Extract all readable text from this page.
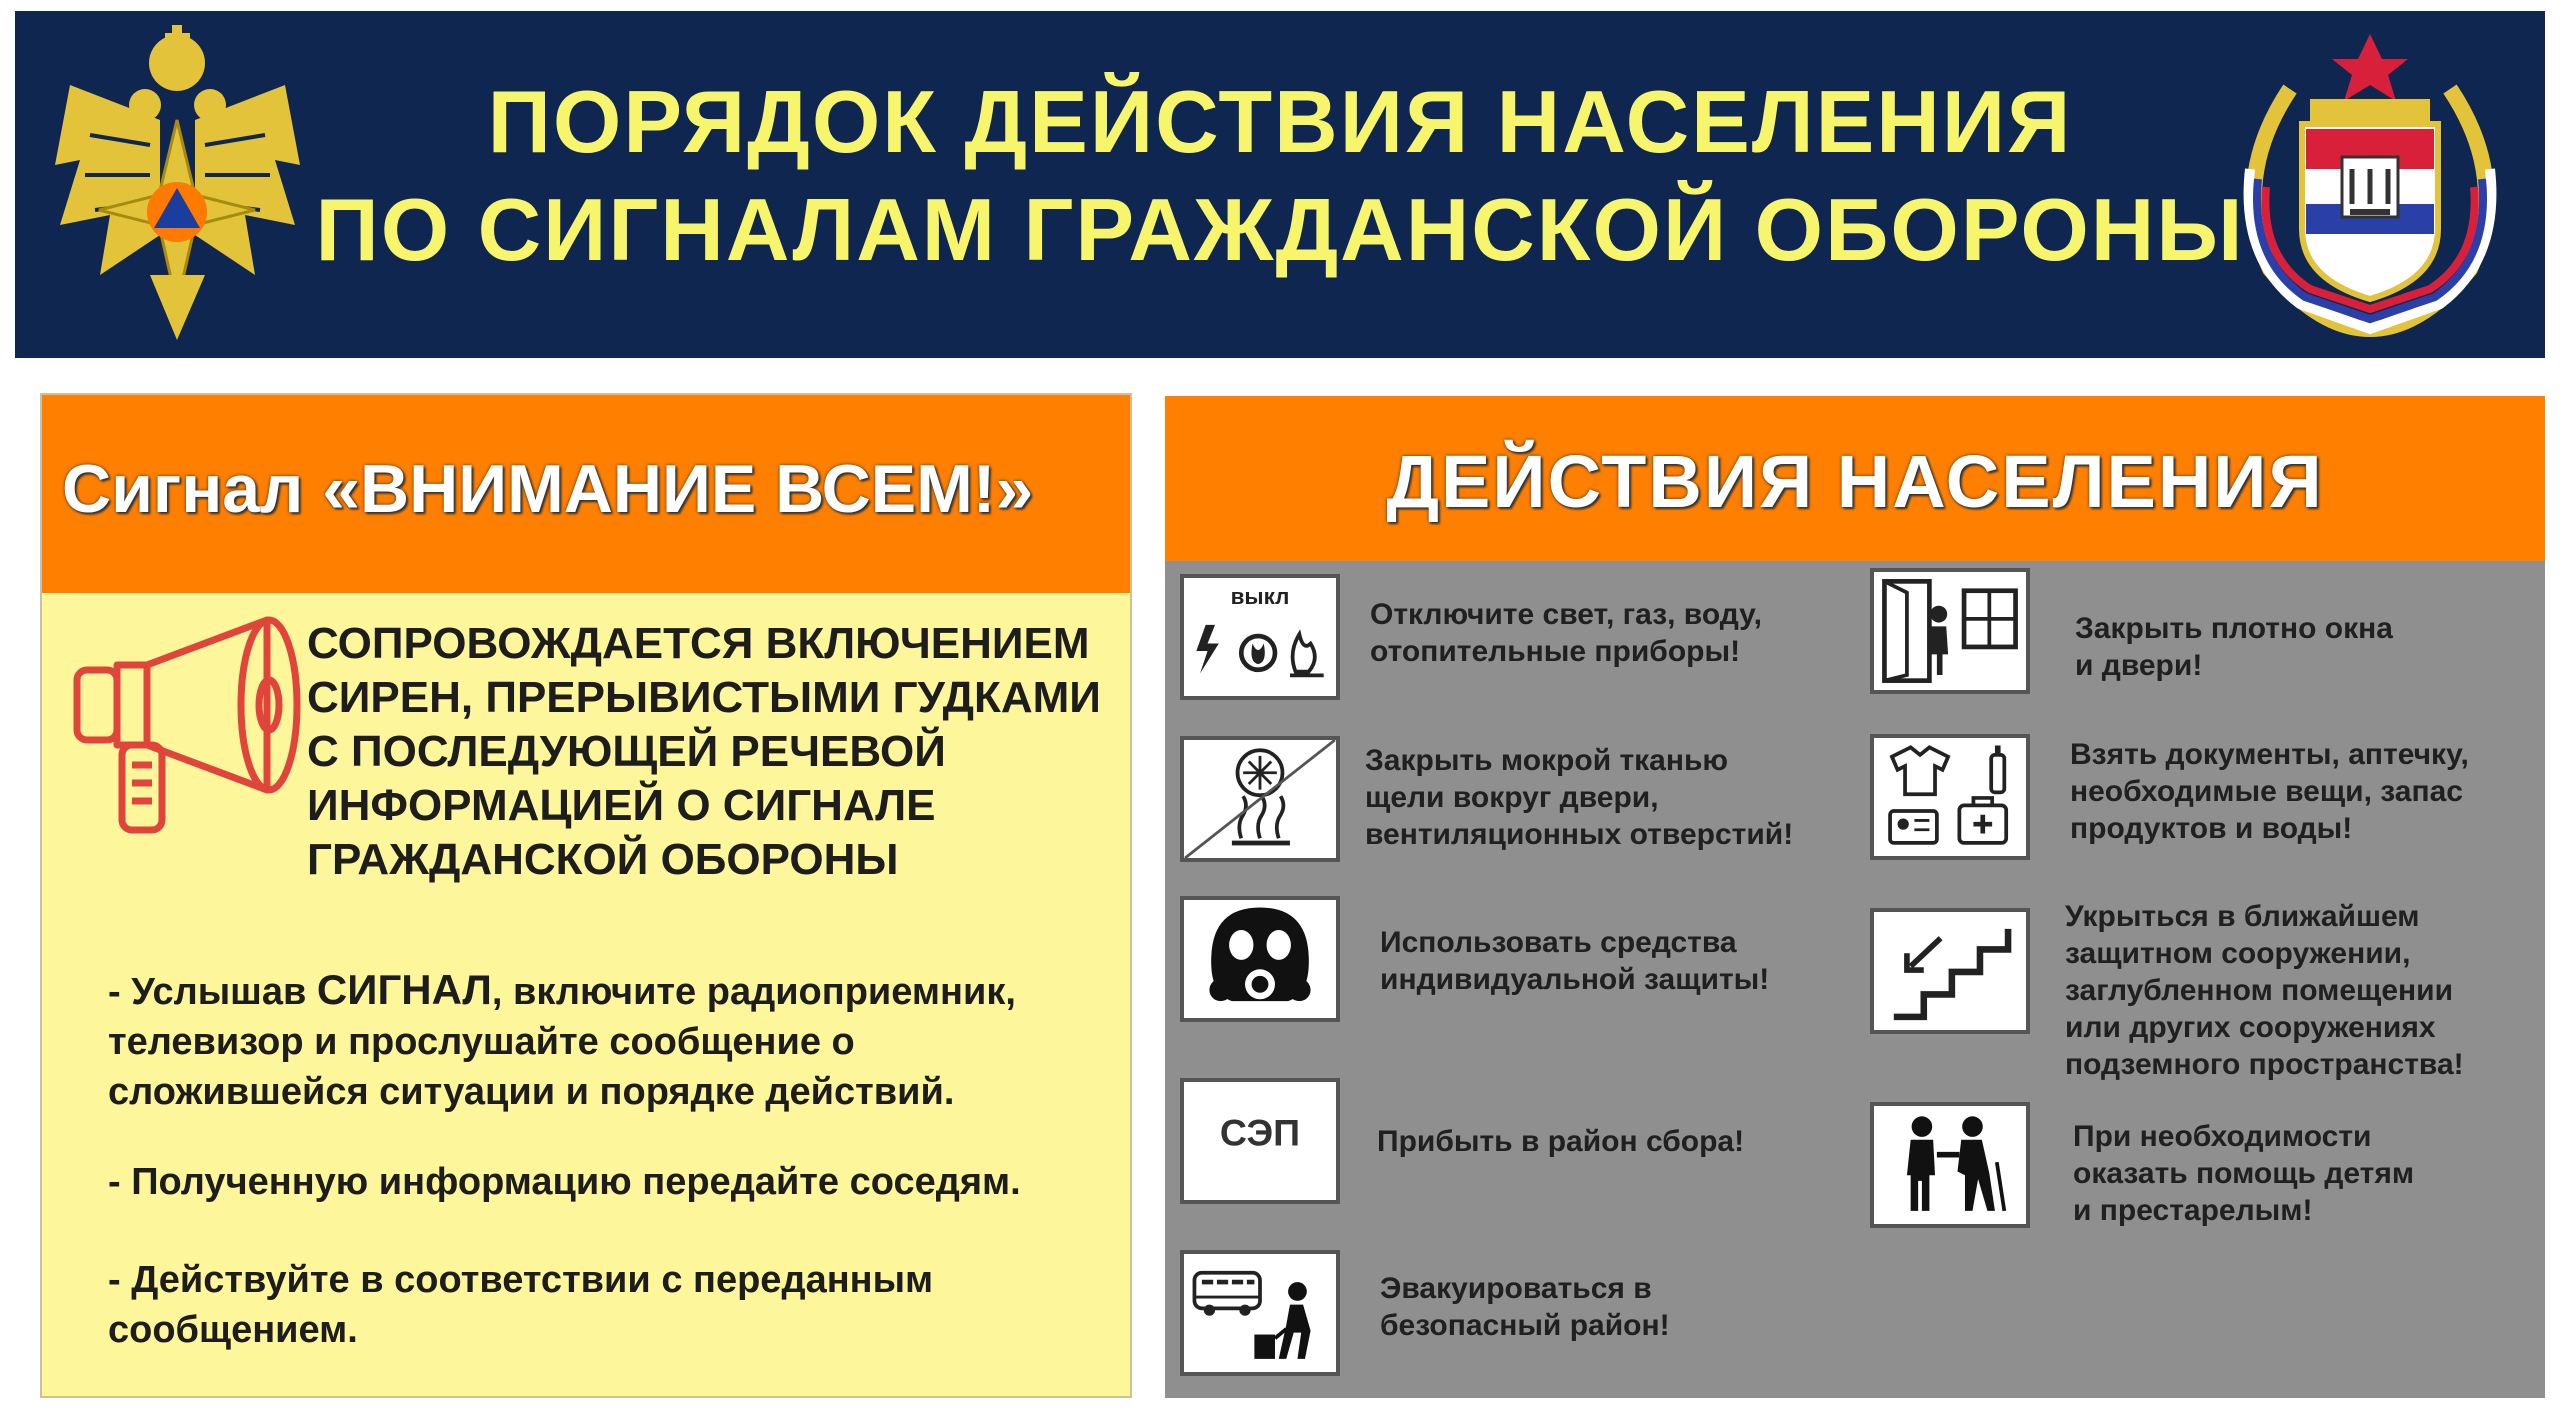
ПОРЯДОК ДЕЙСТВИЯ НАСЕЛЕНИЯ
ПО СИГНАЛАМ ГРАЖДАНСКОЙ ОБОРОНЫ
Сигнал «ВНИМАНИЕ ВСЕМ!»
СОПРОВОЖДАЕТСЯ ВКЛЮЧЕНИЕМ
СИРЕН, ПРЕРЫВИСТЫМИ ГУДКАМИ
С ПОСЛЕДУЮЩЕЙ РЕЧЕВОЙ
ИНФОРМАЦИЕЙ О СИГНАЛЕ
ГРАЖДАНСКОЙ ОБОРОНЫ
- Услышав СИГНАЛ, включите радиоприемник,
телевизор и прослушайте сообщение о
сложившейся ситуации и порядке действий.
- Полученную информацию передайте соседям.
- Действуйте в соответствии с переданным
сообщением.
ДЕЙСТВИЯ НАСЕЛЕНИЯ
выкл
Отключите свет, газ, воду,
отопительные приборы!
Закрыть плотно окна
и двери!
Закрыть мокрой тканью
щели вокруг двери,
вентиляционных отверстий!
Взять документы, аптечку,
необходимые вещи, запас
продуктов и воды!
Использовать средства
индивидуальной защиты!
Укрыться в ближайшем
защитном сооружении,
заглубленном помещении
или других сооружениях
подземного пространства!
СЭП	Прибыть в район сбора!	При необходимости
оказать помощь детям
и престарелым!
Эвакуироваться в
безопасный район!
